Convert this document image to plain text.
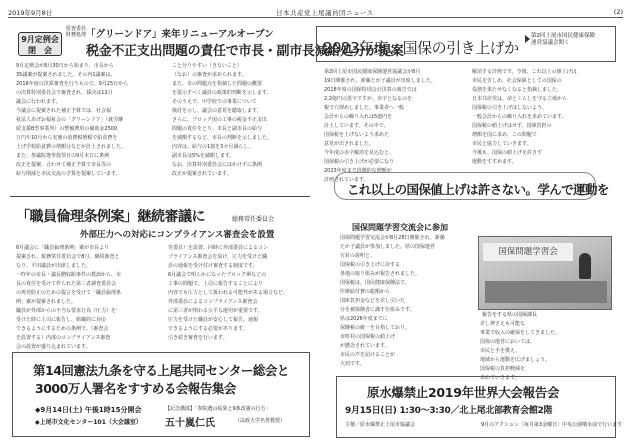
2019年9月8日	日本共産党上尾議員団ニュース	(2)
9月定例会
閉　会
監査委員
財務処理 「グリーンドア」来年リニューアルオープン
税金不正支出問題の責任で市長・副市長減給処分が提案
9月定例会が8月30日から始まり、市長から
35議案が提案されました。その内1議案は、
2018年度の決算審査を行うもので、9月25日から
の決算特別委員会で審査され、採決は12月
議会に行われます。
今議会に提案された補正予算では、社会福
祉法人あげお福祉会の「グリーンドア」（就労継
続支援B型事業所）の整備費用の補助金2500
万円や10月から実施の消費税増税で給食費を
上げ学校給食費の増額分などが計上されました。
また、参議院選挙投票日の9月末日に条例
改正を提案、合わせて補正予算で市長等の
給与削減と市民交流の予算を提案しています。
こと分りやすい（きないこと）
（なお）の審査が求められます。
また、市の問題点を指摘した問題の概要
を提示すべく議員の政策的判断を示します。
そのうえで、中学校での事業について
検討を示し、議会の意見を聴取します。
さらに、ブロック図の工事の税金不正支出
問題の責任をとり、市長と副市長の給与
を減額するなど、市長の判断を示しました。
内容は、給与の1割を3カ月減らし、
副市長は5%を減額します。
なお、決算特別委員会にはかけずに条例
改正が提案されています。
「職員倫理条例案」継続審議に	総務常任委員会
外部圧力への対応にコンプライアンス審査会を設置
6月議会に「職員倫理条例」案が市長より
提案され、総務常任委員会で8月、継続審査と
なり、平田議員が出席しました。
一昨年の市長・議長贈収賄事件の教訓から、市
長の責任を受けて作られた第三者調査委員会
の再発防止のための提言を受けて「職員倫理条
例」案が提案されました。
職員が外部からの不当な要求行為（圧力）を
受けた時に上司に報告し、組織的に対応
できるようにするための条例で、（審査会
を設置する）内部のコンプライアンス審査
会の設置が盛り込まれています。
党委員）を設置。同時に外部委員によるコン
プライアンス審査会を設け、圧力を受けた職
員の通報を受け付け審査する制度です。
6月議会で明らかになったブロック塀などの
工事の問題で、上司に報告することにより
内容でも圧力として扱われる可能性がある場合など、
外部委員によるコンプライアンス審査会
に第三者が関わる公平な運用が重要です。
圧力を受けた職員が安心して報告、通報
できるようにする必要があります。
引き続き審査を行います。
第14回憲法九条を守る上尾共同センター総会と
3000万人署名をすすめる会報告集会
◆9月14日(土) 午後1時15分開会
◆上尾市文化センター101（大会議室）
【記念講演】「参院選の結果と9条改憲の行方」
五十嵐仁氏	（法政大学名誉教授）
2023年度、国保の引き上げか
第2回上尾市国民健康保険
運営協議会開く
第2回上尾市国民健康保険運営協議会が8月
19日開催され、新藤たか子議員が出席しました。
2018年度の国保特別会計決算の報告では
2.2億円の黒字ですが、赤字となるのを
税で穴埋めしました。事業者へ一般
会計からの繰り入れは5億円を
計上しています。その中で、
国保税を上げないよう求めた
意見が出されました。
今年度の赤字解消を見込むと、
国保税の引き上げが必要になり
2023年度まで段階的な増額が
計画されています。
解消する計画です。今後、これ以上の値上げは
市民を苦しめ、社会保障としての国保の
役割を果たせなくなると指摘しました。
日本共産党は、命とくらしを守る立場から
国保税の引き上げはしないよう、
一般会計からの繰り入れを求めています。
国保税の値上げはせず、国庫負担の
増額を国に求め、この問題で
市民と協力していきます。
今後も、国保の値上げを許さず
運動をすすめます。
これ以上の国保値上げは許さない。学んで運動を
国保問題学習交流会に参加
国保問題学習交流会が8月28日開催され、新藤
たか子議員が参加しました。県の国保運営
方針の説明と、
国保税の引き上げに対する
各地の取り組みが報告されました。
国保税は、国民健康保険法で、
医療給付費の総額から
国庫負担金などを差し引いた
分を被保険者に課す仕組みです。
県は2026年度までに
保険税の統一を目指しており、
市町村の国保税の値上げ
が懸念されています。
市民の声を届けることが
大切です。
国保問題学習会
報告をする県の国保課長
差し押さえも可能な
事業で収入の確保をしてきました。
国保の運営においては、
市民と手を携え、
地域から運動を広げましょう。
国保税の負担軽減を
求めていきます。
原水爆禁止2019年世界大会報告会
9月15日(日) 1:30～3:30／北上尾北部教育会館2階
主催／原水爆禁止上尾市協議会	9月のアクション〈毎月第3金曜日〉中央公園噴水前で行います
